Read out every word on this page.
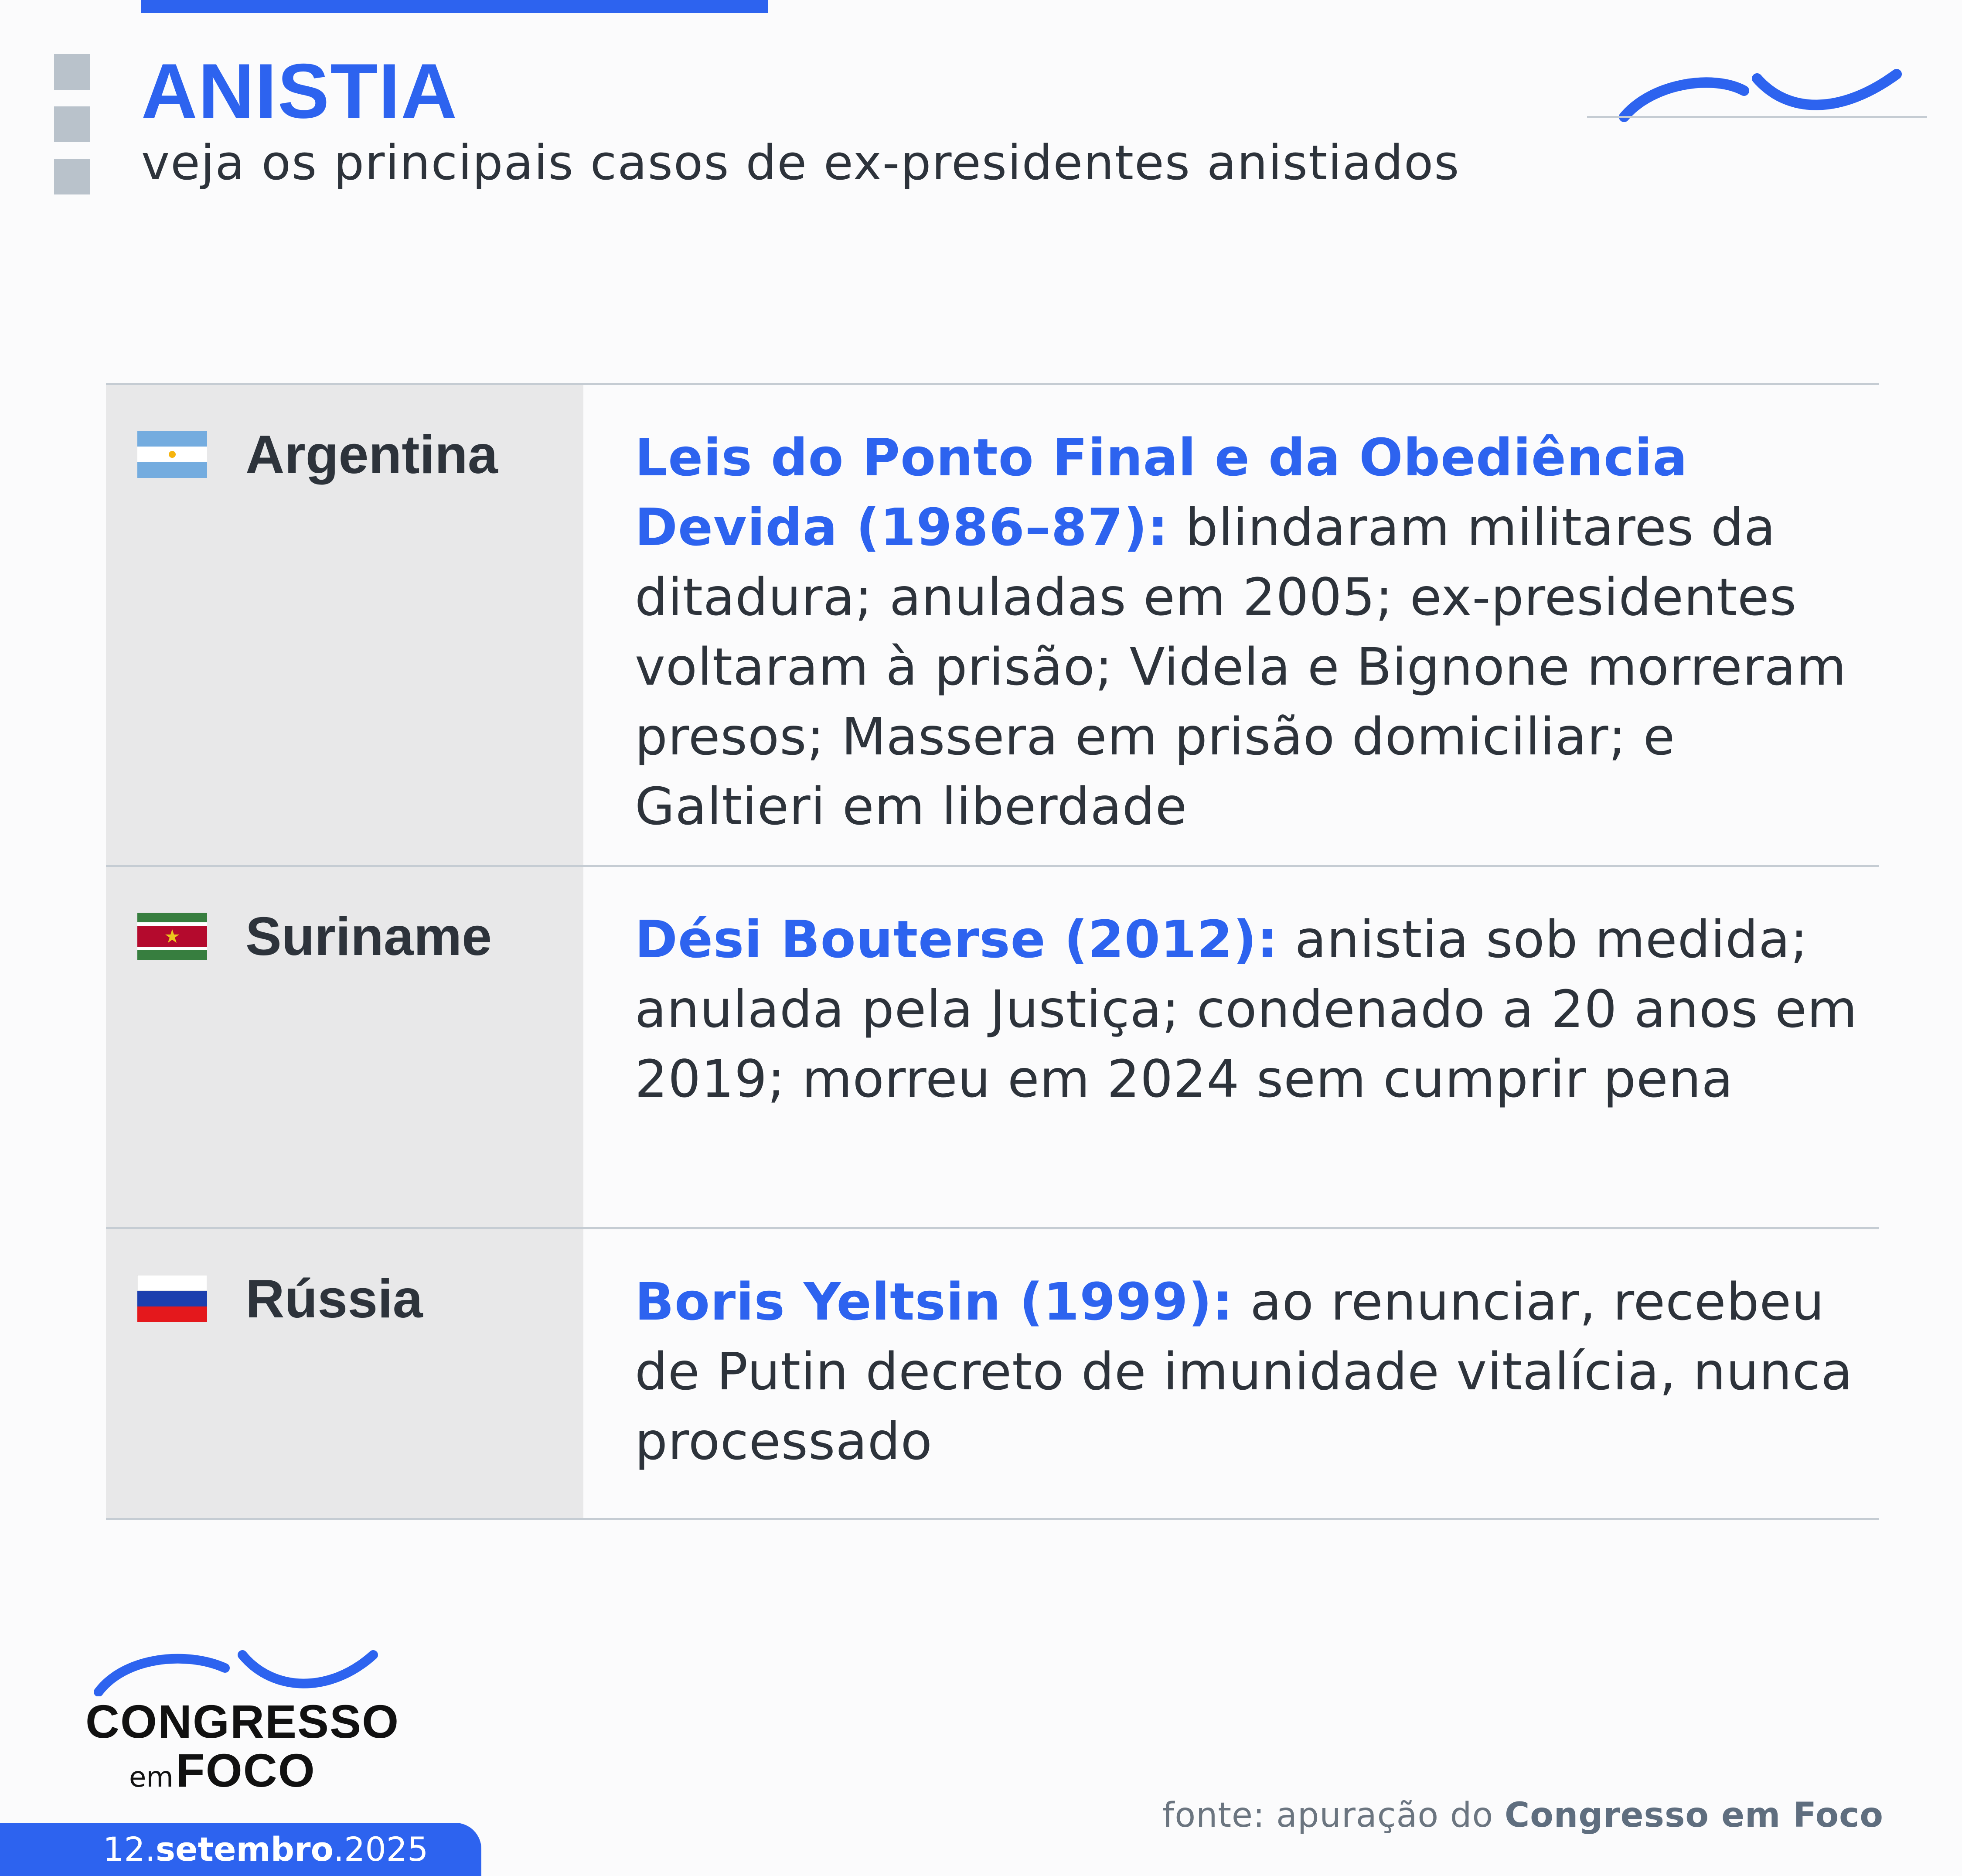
ANISTIA
veja os principais casos de ex-presidentes anistiados
Argentina	Leis do Ponto Final e da Obediência Devida (1986–87): blindaram militares da ditadura; anuladas em 2005; ex-presidentes voltaram à prisão; Videla e Bignone morreram presos; Massera em prisão domiciliar; e Galtieri em liberdade
Suriname	Dési Bouterse (2012): anistia sob medida; anulada pela Justiça; condenado a 20 anos em 2019; morreu em 2024 sem cumprir pena
Rússia	Boris Yeltsin (1999): ao renunciar, recebeu de Putin decreto de imunidade vitalícia, nunca processado
CONGRESSO
em FOCO
12.setembro.2025
fonte: apuração do Congresso em Foco
